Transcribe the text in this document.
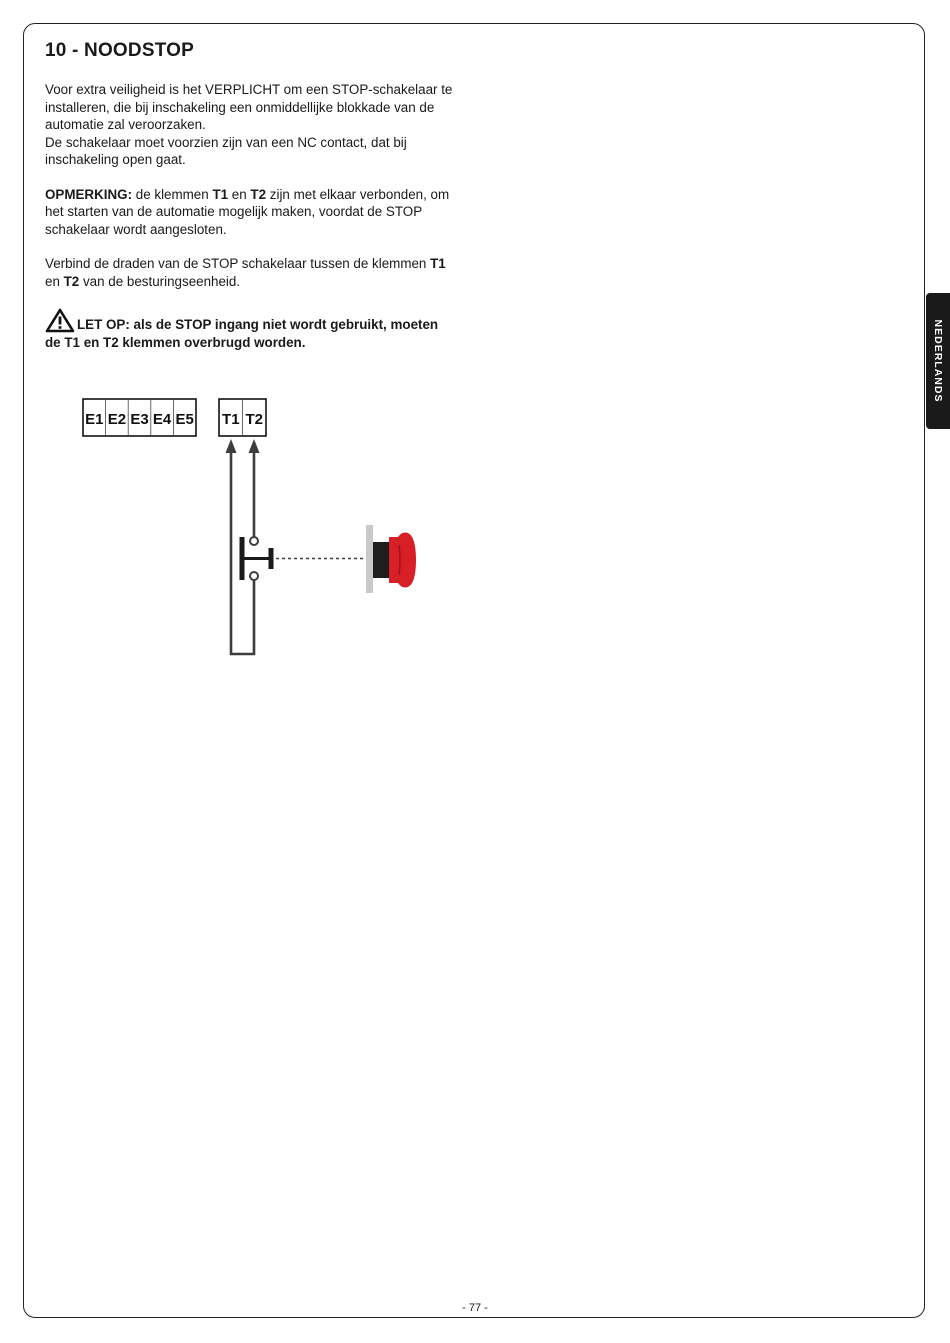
10 - NOODSTOP

Voor extra veiligheid is het VERPLICHT om een STOP-schakelaar te installeren, die bij inschakeling een onmiddellijke blokkade van de automatie zal veroorzaken.
De schakelaar moet voorzien zijn van een NC contact, dat bij inschakeling open gaat.

OPMERKING: de klemmen T1 en T2 zijn met elkaar verbonden, om het starten van de automatie mogelijk maken, voordat de STOP schakelaar wordt aangesloten.

Verbind de draden van de STOP schakelaar tussen de klemmen T1 en T2 van de besturingseenheid.

LET OP: als de STOP ingang niet wordt gebruikt, moeten de T1 en T2 klemmen overbrugd worden.
E1 E2 E3 E4 E5 T1 T2
NEDERLANDS
- 77 -
